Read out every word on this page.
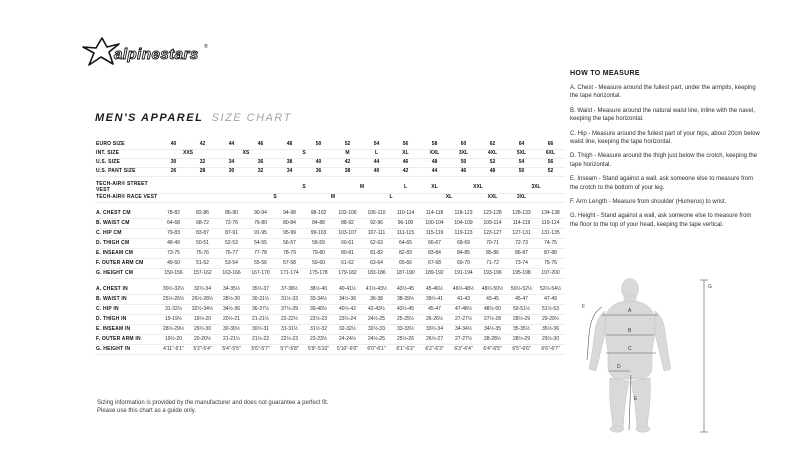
alpinestars ®
MEN'S APPAREL SIZE CHART
EURO SIZE	40	42	44	46	48	50	52	54	56	58	60	62	64	66
INT. SIZE	XXS		XS		S		M	L	XL	XXL	3XL	4XL	5XL	6XL
U.S. SIZE	30	32	34	36	38	40	42	44	46	48	50	52	54	56
U.S. PANT SIZE	26	28	30	32	34	36	38	40	42	44	46	48	50	52

TECH-AIR® STREET VEST					S		M		L	XL	XXL		3XL	
TECH-AIR® RACE VEST				S		M		L		XL		XXL	3XL	

A. CHEST CM	78-82	82-86	86-90	90-94	94-98	98-102	102-106	106-110	110-114	114-118	118-123	123-128	128-133	134-138
B. WAIST CM	64-68	68-72	72-76	76-80	80-84	84-88	88-92	92-96	96-100	100-104	104-109	109-114	114-119	119-124
C. HIP CM	79-83	83-87	87-91	91-95	95-99	99-103	103-107	107-111	111-115	115-119	119-123	123-127	127-131	131-135
D. THIGH CM	48-49	50-51	52-53	54-55	56-57	58-59	60-61	62-63	64-65	66-67	68-69	70-71	72-73	74-75
E. INSEAM CM	73-75	75-76	76-77	77-78	78-79	79-80	80-81	81-82	82-83	83-84	84-85	85-86	86-87	87-88
F. OUTER ARM CM	49-50	51-52	53-54	55-56	57-58	59-60	61-62	63-64	65-66	67-68	69-70	71-72	73-74	75-76
G. HEIGHT CM	150-156	157-162	163-166	167-170	171-174	175-178	179-182	183-186	187-190	189-192	191-194	193-196	195-198	197-200

A. CHEST IN	30½-32½	32½-34	34-35½	35½-37	37-38½	38½-40	40-41½	41½-43½	43½-45	45-46½	46½-48½	48½-50½	50½-52½	52½-54½
B. WAIST IN	25½-26½	26½-28½	28½-30	30-31½	31½-33	33-34½	34½-36	36-38	38-39½	39½-41	41-43	43-45	45-47	47-49
C. HIP IN	31-32½	32½-34½	34½-36	36-37½	37½-39	39-40½	40½-42	42-43½	43½-45	45-47	47-48½	48½-50	50-51½	51½-53
D. THIGH IN	19-19½	19½-20	20½-21	21-21½	22-22½	22½-23	23½-24	24½-25	25-25½	26-26½	27-27½	27½-28	28½-29	29-29½
E. INSEAM IN	28½-29½	29½-30	30-30½	30½-31	31-31½	31½-32	32-32½	32½-33	33-33½	33½-34	34-34½	34½-35	35-35½	35½-36
F. OUTER ARM IN	19½-20	20-20½	21-21½	21½-22	22½-23	23-23½	24-24½	24½-25	25½-26	26½-27	27-27½	28-28½	28½-29	29½-30
G. HEIGHT IN	4'11"-5'1"	5'2"-5'4"	5'4"-5'5"	5'6"-5'7"	5'7"-5'8"	5'9"-5'10"	5'10"-6'0"	6'0"-6'1"	6'1"-6'2"	6'2"-6'3"	6'3"-6'4"	6'4"-6'5"	6'5"-6'6"	6'6"-6'7"
HOW TO MEASURE

A. Chest - Measure around the fullest part, under the armpits, keeping the tape horizontal.

B. Waist - Measure around the natural waist line, inline with the navel, keeping the tape horizontal.

C. Hip - Measure around the fullest part of your hips, about 20cm below waist line, keeping the tape horizontal.

D. Thigh - Measure around the thigh just below the crotch, keeping the tape horizontal.

E. Inseam - Stand against a wall, ask someone else to measure from the crotch to the bottom of your leg.

F. Arm Length - Measure from shoulder (Humerus) to wrist.

G. Height - Stand against a wall, ask someone else to measure from the floor to the top of your head, keeping the tape vertical.

A
B
C
D
E
F
G
Sizing information is provided by the manufacturer and does not guarantee a perfect fit.
Please use this chart as a guide only.
